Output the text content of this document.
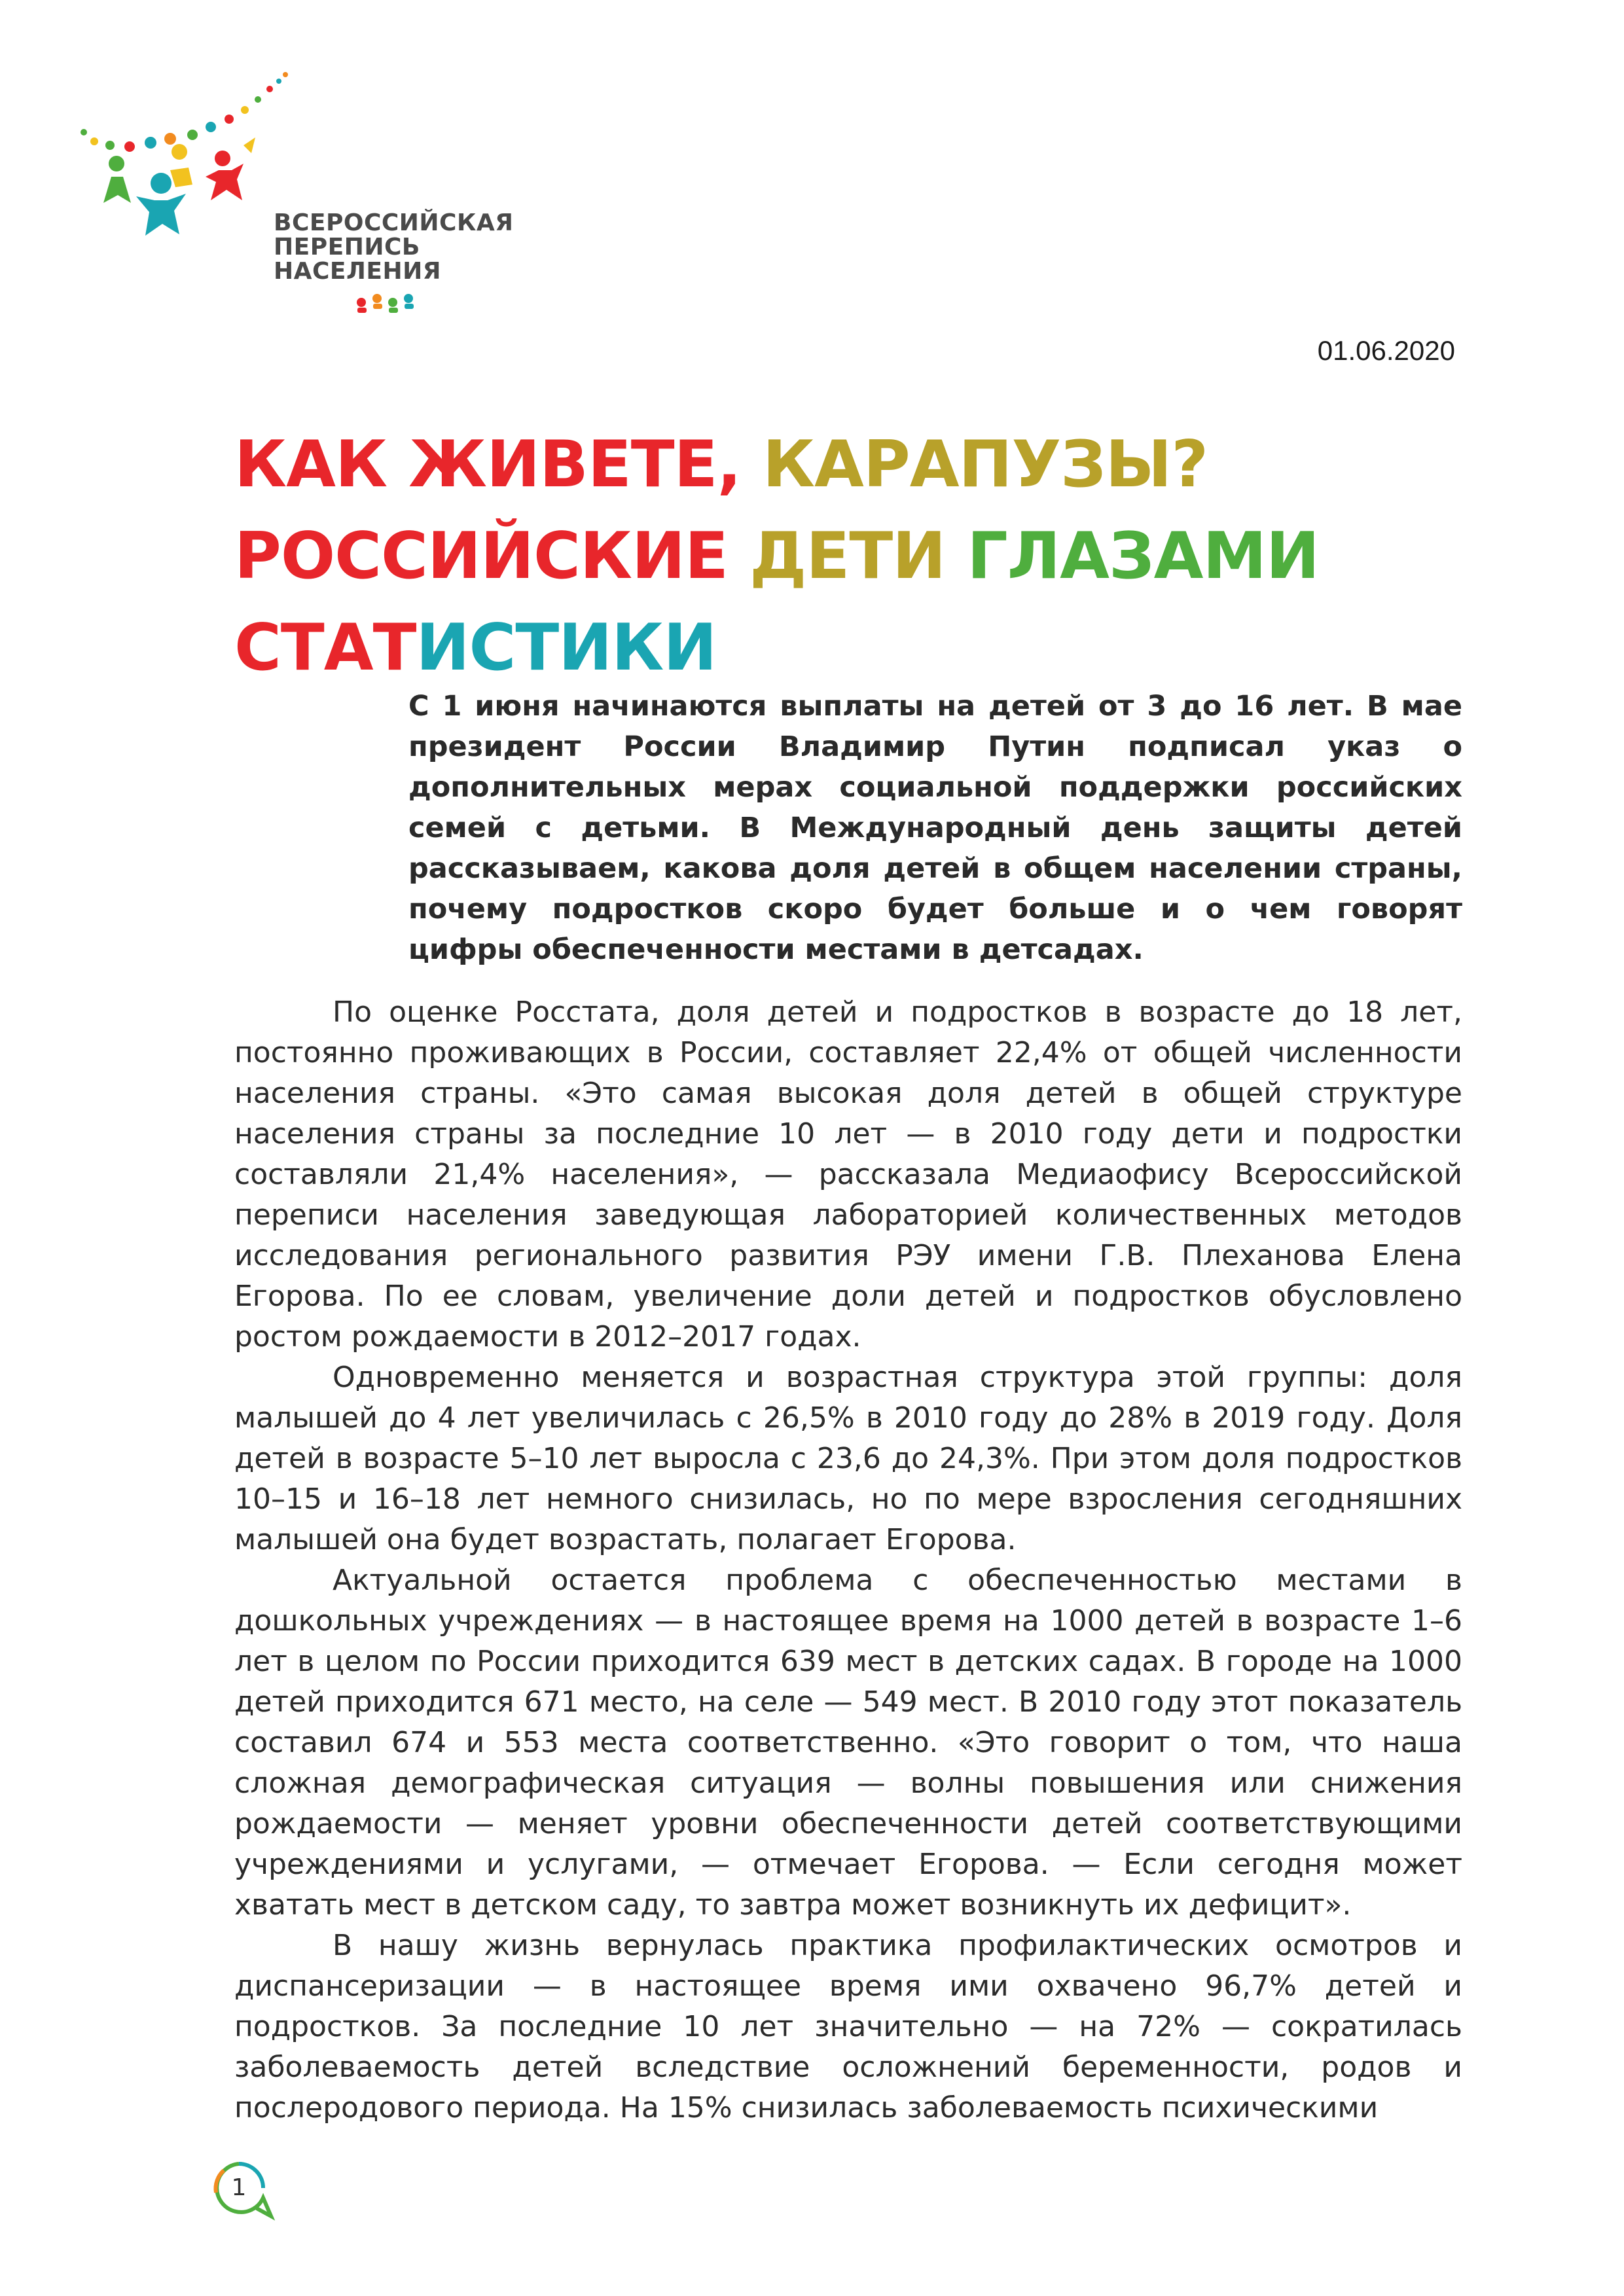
ВСЕРОССИЙСКАЯ
ПЕРЕПИСЬ
НАСЕЛЕНИЯ
01.06.2020
КАК ЖИВЕТЕ, КАРАПУЗЫ?
РОССИЙСКИЕ ДЕТИ ГЛАЗАМИ
СТАТИСТИКИ
С 1 июня начинаются выплаты на детей от 3 до 16 лет. В мае президент России Владимир Путин подписал указ о дополнительных мерах социальной поддержки российских семей с детьми. В Международный день защиты детей рассказываем, какова доля детей в общем населении страны, почему подростков скоро будет больше и о чем говорят цифры обеспеченности местами в детсадах.

По оценке Росстата, доля детей и подростков в возрасте до 18 лет, постоянно проживающих в России, составляет 22,4% от общей численности населения страны. «Это самая высокая доля детей в общей структуре населения страны за последние 10 лет — в 2010 году дети и подростки составляли 21,4% населения», — рассказала Медиаофису Всероссийской переписи населения заведующая лабораторией количественных методов исследования регионального развития РЭУ имени Г.В. Плеханова Елена Егорова. По ее словам, увеличение доли детей и подростков обусловлено ростом рождаемости в 2012–2017 годах.

Одновременно меняется и возрастная структура этой группы: доля малышей до 4 лет увеличилась с 26,5% в 2010 году до 28% в 2019 году. Доля детей в возрасте 5–10 лет выросла с 23,6 до 24,3%. При этом доля подростков 10–15 и 16–18 лет немного снизилась, но по мере взросления сегодняшних малышей она будет возрастать, полагает Егорова.

Актуальной остается проблема с обеспеченностью местами в дошкольных учреждениях — в настоящее время на 1000 детей в возрасте 1–6 лет в целом по России приходится 639 мест в детских садах. В городе на 1000 детей приходится 671 место, на селе — 549 мест. В 2010 году этот показатель составил 674 и 553 места соответственно. «Это говорит о том, что наша сложная демографическая ситуация — волны повышения или снижения рождаемости — меняет уровни обеспеченности детей соответствующими учреждениями и услугами, — отмечает Егорова. — Если сегодня может хватать мест в детском саду, то завтра может возникнуть их дефицит».

В нашу жизнь вернулась практика профилактических осмотров и диспансеризации — в настоящее время ими охвачено 96,7% детей и подростков. За последние 10 лет значительно — на 72% — сократилась заболеваемость детей вследствие осложнений беременности, родов и послеродового периода. На 15% снизилась заболеваемость психическими

1
